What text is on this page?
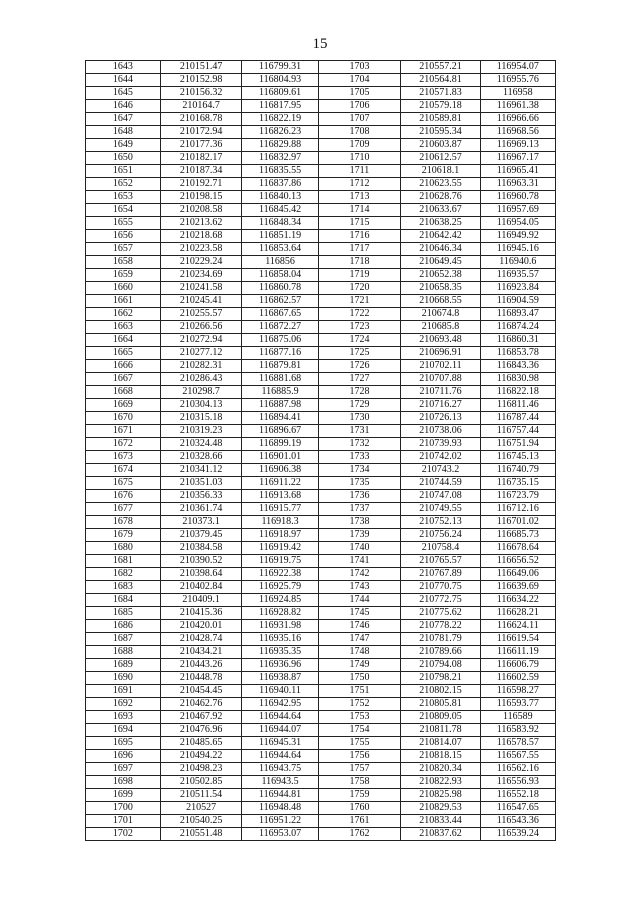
15
1643	210151.47	116799.31	1703	210557.21	116954.07
1644	210152.98	116804.93	1704	210564.81	116955.76
1645	210156.32	116809.61	1705	210571.83	116958
1646	210164.7	116817.95	1706	210579.18	116961.38
1647	210168.78	116822.19	1707	210589.81	116966.66
1648	210172.94	116826.23	1708	210595.34	116968.56
1649	210177.36	116829.88	1709	210603.87	116969.13
1650	210182.17	116832.97	1710	210612.57	116967.17
1651	210187.34	116835.55	1711	210618.1	116965.41
1652	210192.71	116837.86	1712	210623.55	116963.31
1653	210198.15	116840.13	1713	210628.76	116960.78
1654	210208.58	116845.42	1714	210633.67	116957.69
1655	210213.62	116848.34	1715	210638.25	116954.05
1656	210218.68	116851.19	1716	210642.42	116949.92
1657	210223.58	116853.64	1717	210646.34	116945.16
1658	210229.24	116856	1718	210649.45	116940.6
1659	210234.69	116858.04	1719	210652.38	116935.57
1660	210241.58	116860.78	1720	210658.35	116923.84
1661	210245.41	116862.57	1721	210668.55	116904.59
1662	210255.57	116867.65	1722	210674.8	116893.47
1663	210266.56	116872.27	1723	210685.8	116874.24
1664	210272.94	116875.06	1724	210693.48	116860.31
1665	210277.12	116877.16	1725	210696.91	116853.78
1666	210282.31	116879.81	1726	210702.11	116843.36
1667	210286.43	116881.68	1727	210707.88	116830.98
1668	210298.7	116885.9	1728	210711.76	116822.18
1669	210304.13	116887.98	1729	210716.27	116811.46
1670	210315.18	116894.41	1730	210726.13	116787.44
1671	210319.23	116896.67	1731	210738.06	116757.44
1672	210324.48	116899.19	1732	210739.93	116751.94
1673	210328.66	116901.01	1733	210742.02	116745.13
1674	210341.12	116906.38	1734	210743.2	116740.79
1675	210351.03	116911.22	1735	210744.59	116735.15
1676	210356.33	116913.68	1736	210747.08	116723.79
1677	210361.74	116915.77	1737	210749.55	116712.16
1678	210373.1	116918.3	1738	210752.13	116701.02
1679	210379.45	116918.97	1739	210756.24	116685.73
1680	210384.58	116919.42	1740	210758.4	116678.64
1681	210390.52	116919.75	1741	210765.57	116656.52
1682	210398.64	116922.38	1742	210767.89	116649.06
1683	210402.84	116925.79	1743	210770.75	116639.69
1684	210409.1	116924.85	1744	210772.75	116634.22
1685	210415.36	116928.82	1745	210775.62	116628.21
1686	210420.01	116931.98	1746	210778.22	116624.11
1687	210428.74	116935.16	1747	210781.79	116619.54
1688	210434.21	116935.35	1748	210789.66	116611.19
1689	210443.26	116936.96	1749	210794.08	116606.79
1690	210448.78	116938.87	1750	210798.21	116602.59
1691	210454.45	116940.11	1751	210802.15	116598.27
1692	210462.76	116942.95	1752	210805.81	116593.77
1693	210467.92	116944.64	1753	210809.05	116589
1694	210476.96	116944.07	1754	210811.78	116583.92
1695	210485.65	116945.31	1755	210814.07	116578.57
1696	210494.22	116944.64	1756	210818.15	116567.55
1697	210498.23	116943.75	1757	210820.34	116562.16
1698	210502.85	116943.5	1758	210822.93	116556.93
1699	210511.54	116944.81	1759	210825.98	116552.18
1700	210527	116948.48	1760	210829.53	116547.65
1701	210540.25	116951.22	1761	210833.44	116543.36
1702	210551.48	116953.07	1762	210837.62	116539.24
